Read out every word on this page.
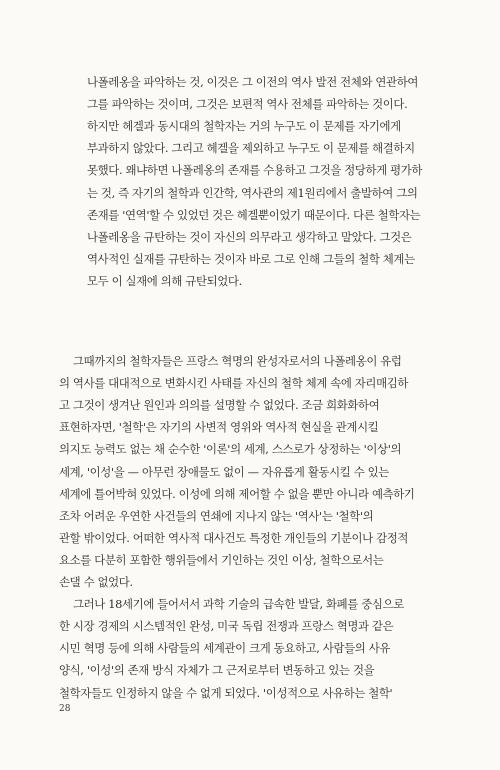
나폴레옹을 파악하는 것, 이것은 그 이전의 역사 발전 전체와 연관하여
그를 파악하는 것이며, 그것은 보편적 역사 전체를 파악하는 것이다.
하지만 헤겔과 동시대의 철학자는 거의 누구도 이 문제를 자기에게
부과하지 않았다. 그리고 헤겔을 제외하고 누구도 이 문제를 해결하지
못했다. 왜냐하면 나폴레옹의 존재를 수용하고 그것을 정당하게 평가하
는 것, 즉 자기의 철학과 인간학, 역사관의 제1원리에서 출발하여 그의
존재를 '연역'할 수 있었던 것은 헤겔뿐이었기 때문이다. 다른 철학자는
나폴레옹을 규탄하는 것이 자신의 의무라고 생각하고 말았다. 그것은
역사적인 실재를 규탄하는 것이자 바로 그로 인해 그들의 철학 체계는
모두 이 실재에 의해 규탄되었다.
그때까지의 철학자들은 프랑스 혁명의 완성자로서의 나폴레옹이 유럽
의 역사를 대대적으로 변화시킨 사태를 자신의 철학 체계 속에 자리매김하
고 그것이 생겨난 원인과 의의를 설명할 수 없었다. 조금 희화화하여
표현하자면, '철학'은 자기의 사변적 영위와 역사적 현실을 관계시킬
의지도 능력도 없는 채 순수한 '이론'의 세계, 스스로가 상정하는 '이상'의
세계, '이성'을 — 아무런 장애물도 없이 — 자유롭게 활동시킬 수 있는
세계에 틀어박혀 있었다. 이성에 의해 제어할 수 없을 뿐만 아니라 예측하기
조차 어려운 우연한 사건들의 연쇄에 지나지 않는 '역사'는 '철학'의
관할 밖이었다. 어떠한 역사적 대사건도 특정한 개인들의 기분이나 감정적
요소를 다분히 포함한 행위들에서 기인하는 것인 이상, 철학으로서는
손댈 수 없었다.
그러나 18세기에 들어서서 과학 기술의 급속한 발달, 화폐를 중심으로
한 시장 경제의 시스템적인 완성, 미국 독립 전쟁과 프랑스 혁명과 같은
시민 혁명 등에 의해 사람들의 세계관이 크게 동요하고, 사람들의 사유
양식, '이성'의 존재 방식 자체가 그 근저로부터 변동하고 있는 것을
철학자들도 인정하지 않을 수 없게 되었다. '이성적으로 사유하는 철학'
28
